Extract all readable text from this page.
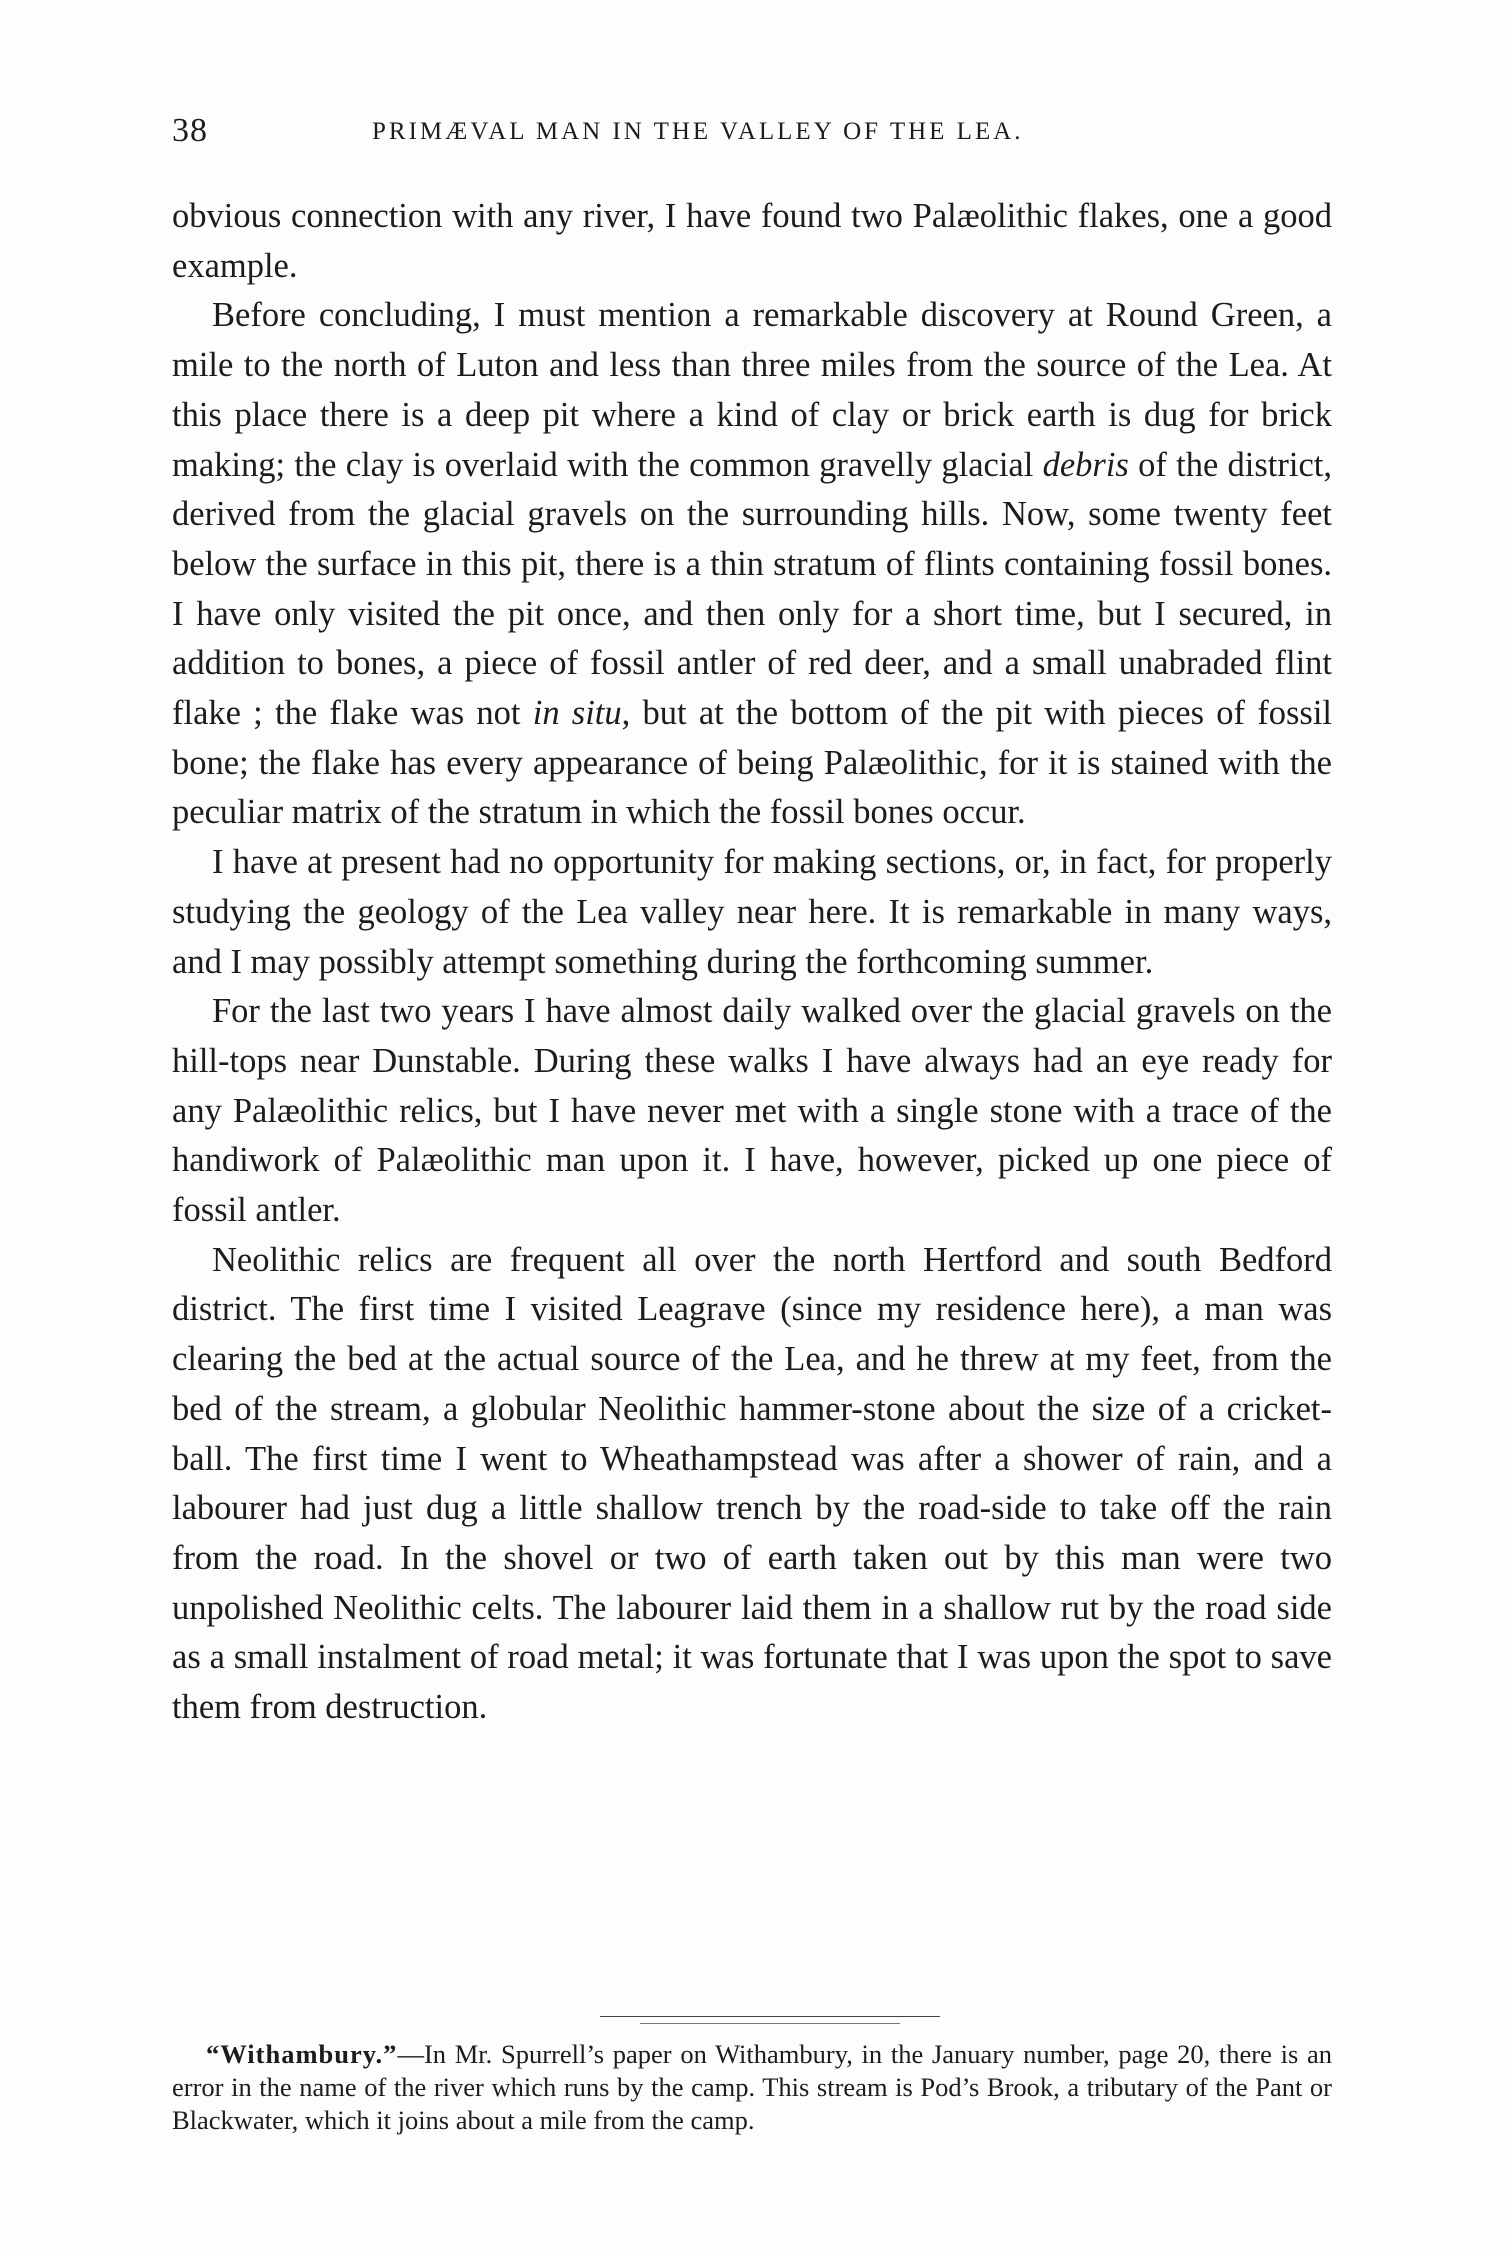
38	PRIMÆVAL MAN IN THE VALLEY OF THE LEA.

obvious connection with any river, I have found two Palæolithic flakes, one a good example.

Before concluding, I must mention a remarkable discovery at Round Green, a mile to the north of Luton and less than three miles from the source of the Lea. At this place there is a deep pit where a kind of clay or brick earth is dug for brick making; the clay is overlaid with the common gravelly glacial debris of the district, derived from the glacial gravels on the surrounding hills. Now, some twenty feet below the surface in this pit, there is a thin stratum of flints containing fossil bones. I have only visited the pit once, and then only for a short time, but I secured, in addition to bones, a piece of fossil antler of red deer, and a small unabraded flint flake ; the flake was not in situ, but at the bottom of the pit with pieces of fossil bone; the flake has every appearance of being Palæolithic, for it is stained with the peculiar matrix of the stratum in which the fossil bones occur.

I have at present had no opportunity for making sections, or, in fact, for properly studying the geology of the Lea valley near here. It is remarkable in many ways, and I may possibly attempt something during the forthcoming summer.

For the last two years I have almost daily walked over the glacial gravels on the hill-tops near Dunstable. During these walks I have always had an eye ready for any Palæolithic relics, but I have never met with a single stone with a trace of the handiwork of Palæolithic man upon it. I have, however, picked up one piece of fossil antler.

Neolithic relics are frequent all over the north Hertford and south Bedford district. The first time I visited Leagrave (since my residence here), a man was clearing the bed at the actual source of the Lea, and he threw at my feet, from the bed of the stream, a globular Neolithic hammer-stone about the size of a cricket-ball. The first time I went to Wheathampstead was after a shower of rain, and a labourer had just dug a little shallow trench by the road-side to take off the rain from the road. In the shovel or two of earth taken out by this man were two unpolished Neolithic celts. The labourer laid them in a shallow rut by the road side as a small instalment of road metal; it was fortunate that I was upon the spot to save them from destruction.

“Withambury.”—In Mr. Spurrell’s paper on Withambury, in the January number, page 20, there is an error in the name of the river which runs by the camp. This stream is Pod’s Brook, a tributary of the Pant or Blackwater, which it joins about a mile from the camp.
